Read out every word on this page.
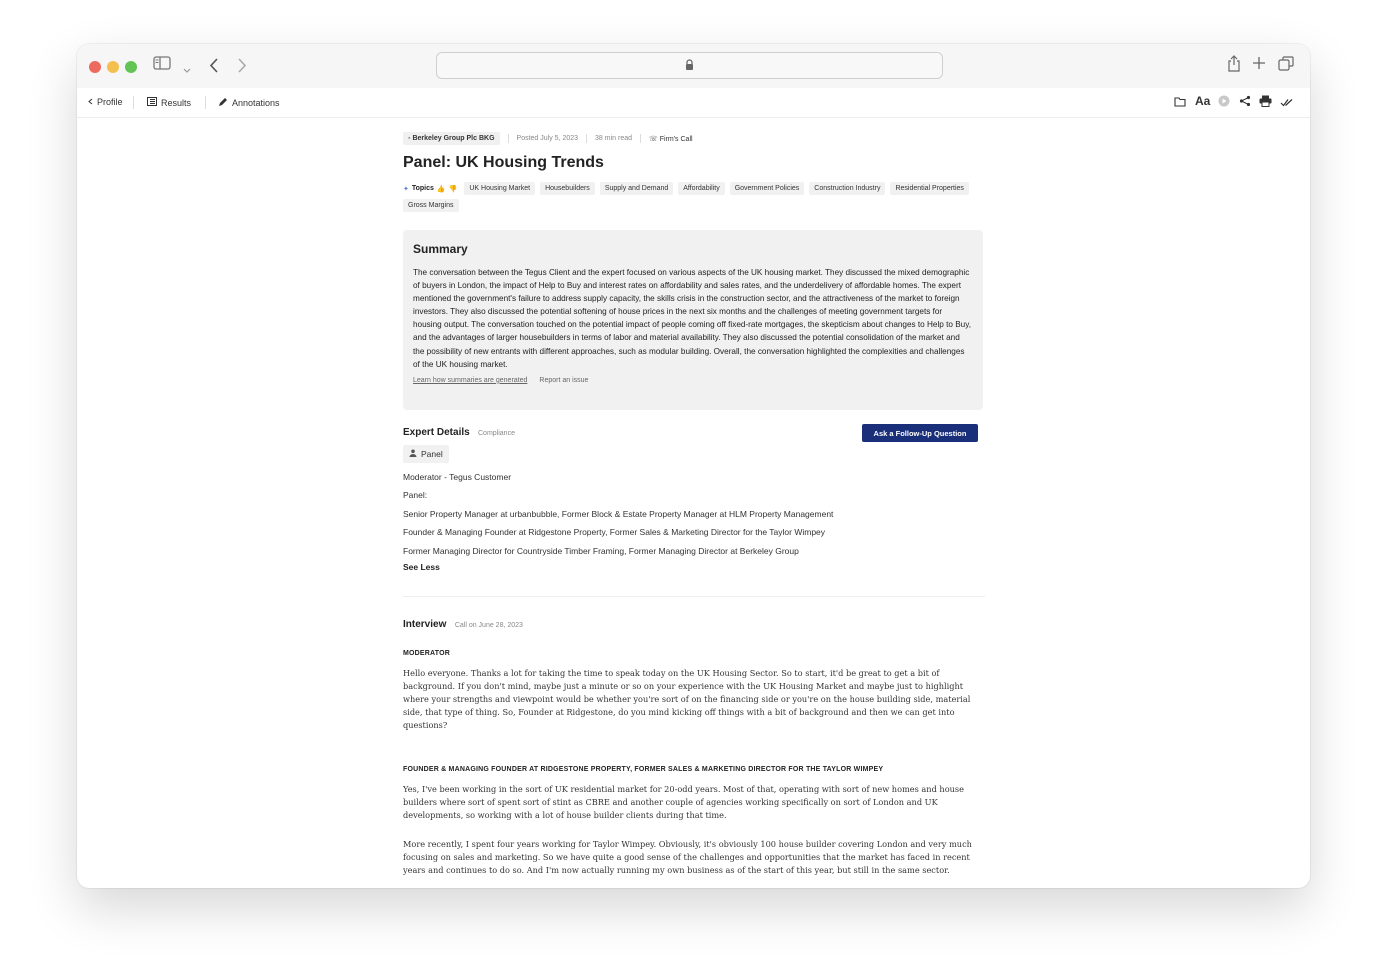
Profile	Results	Annotations	Aa
▪ Berkeley Group Plc BKG	Posted July 5, 2023 38 min read ☏ Firm's Call
Panel: UK Housing Trends
✦ Topics 👍 👎	UK Housing Market	Housebuilders	Supply and Demand	Affordability	Government Policies	Construction Industry	Residential Properties
Gross Margins
Summary

The conversation between the Tegus Client and the expert focused on various aspects of the UK housing market. They discussed the mixed demographic of buyers in London, the impact of Help to Buy and interest rates on affordability and sales rates, and the underdelivery of affordable homes. The expert mentioned the government's failure to address supply capacity, the skills crisis in the construction sector, and the attractiveness of the market to foreign investors. They also discussed the potential softening of house prices in the next six months and the challenges of meeting government targets for housing output. The conversation touched on the potential impact of people coming off fixed-rate mortgages, the skepticism about changes to Help to Buy, and the advantages of larger housebuilders in terms of labor and material availability. They also discussed the potential consolidation of the market and the possibility of new entrants with different approaches, such as modular building. Overall, the conversation highlighted the complexities and challenges of the UK housing market.

Learn how summaries are generated Report an issue
Expert Details Compliance	Ask a Follow-Up Question
Panel
Moderator - Tegus Customer
Panel:
Senior Property Manager at urbanbubble, Former Block & Estate Property Manager at HLM Property Management
Founder & Managing Founder at Ridgestone Property, Former Sales & Marketing Director for the Taylor Wimpey
Former Managing Director for Countryside Timber Framing, Former Managing Director at Berkeley Group
See Less
Interview Call on June 28, 2023
MODERATOR

Hello everyone. Thanks a lot for taking the time to speak today on the UK Housing Sector. So to start, it'd be great to get a bit of background. If you don't mind, maybe just a minute or so on your experience with the UK Housing Market and maybe just to highlight where your strengths and viewpoint would be whether you're sort of on the financing side or you're on the house building side, material side, that type of thing. So, Founder at Ridgestone, do you mind kicking off things with a bit of background and then we can get into questions?

FOUNDER & MANAGING FOUNDER AT RIDGESTONE PROPERTY, FORMER SALES & MARKETING DIRECTOR FOR THE TAYLOR WIMPEY

Yes, I've been working in the sort of UK residential market for 20-odd years. Most of that, operating with sort of new homes and house builders where sort of spent sort of stint as CBRE and another couple of agencies working specifically on sort of London and UK developments, so working with a lot of house builder clients during that time.

More recently, I spent four years working for Taylor Wimpey. Obviously, it's obviously 100 house builder covering London and very much focusing on sales and marketing. So we have quite a good sense of the challenges and opportunities that the market has faced in recent years and continues to do so. And I'm now actually running my own business as of the start of this year, but still in the same sector.
